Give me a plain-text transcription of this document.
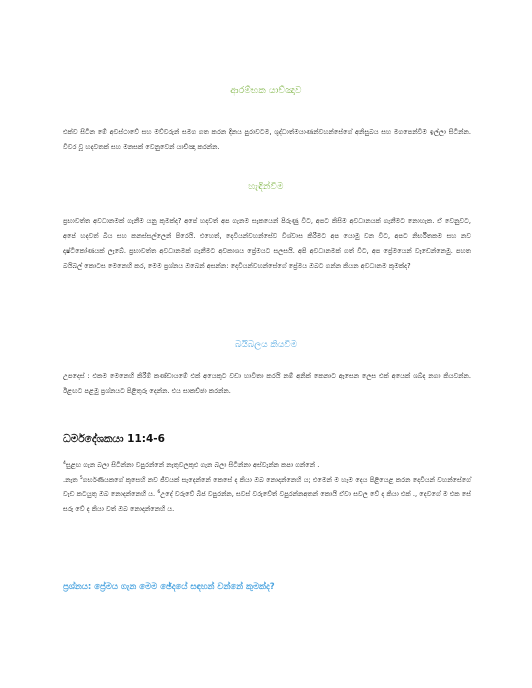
ආරම්භක යාච්ඤාව

එක්ව සිටින මේ අවස්ථාවේ සහ මව්වරුන් සමග ගත කරන දිනය පුරාවටම, ශුද්ධාත්මයාණන්වහන්සේගේ අනිසුබය සහ මගපෙන්වීම ඉල්ලා සිටින්න. විවර වූ හදවතක් සහ මනසක් වෙනුවෙන් යාච්ඤා කරන්න.

හැඳින්වීම

ප්‍රභාවත්ත අවධානමක් ගැනීම යනු කුමක්ද? අපේ හදවත් අප ගැනම සැකයෙන් පිරුණු විට, අපට කිසිම අවධානයක් ගැනීමට නොහැක. ඒ වෙනුවට, අපේ හදවත් බිය සහ කනස්සල්ලෙන් පිරෙයි. එහෙත්, දෙවියන්වහන්සේව විශ්වාස කිරීමට අප යොමු වන විට, අපට නිර්භීතකම සහ නව දෘෂ්ටිකෝණයක් ලැබේ. ප්‍රභාවත්ත අවධානමක් ගැනීමට අවකාශය ප්‍රේමයට සලසයි. අපි අවධානමක් ගත් විට, අප ප්‍රේමයෙන් වැඩෙන්නෙමු. පහත බයිබල් කොටස මෙනෙහි කර, මෙම ප්‍රශ්නය ඔබෙන් අසන්න: දෙවියන්වහන්සේගේ ප්‍රේමය ඔබට ගන්න කියන අවධානම කුමක්ද?

බයිබලය කියවීම

උපදෙස් : එකම මෙනෙහි කිරීම් කණ්ඩායමේ එක් අයෙකුට වඩා හාවිතා කරයි නම් අනික් කෙනාට ඇසෙන ලෙස එක් අයෙක් ශබ්ද නගා කියවන්න. ඊළඟට පළමු ප්‍රශ්නයට පිළිතුරු දෙන්න. එය සාකච්ඡා කරන්න.

ධර්මදේශකයා 11:4-6

$^4$සුළඟ ගැන බලා සිටින්නා වපුරන්නේ නැතුවලකුළු ගැන බලා සිටින්නා අස්වැන්න කපා ගන්නේ .
.නැත $^5$ගර්භණියකගේ කුසෙහි නව ජීවයක් සැදෙන්නේ කෙසේ ද කියා ඔබ නොදන්නෙහි ය; එමෙන් ම හැම දෙය පිළියෙළ කරන දෙවියන් වහන්සේගේ වැඩ කටයුතු ඔබ නොදන්නෙහි ය. $^6$උදේ වරුවේ බීජ වපුරන්න, සවස් වරුවේත් වපුරන්නඅතන් කොයි ඒවා සවල වේ ද කියා එක් ., දෙවගේ ම එක සේ සරු වේ ද කියා වත් ඔබ නොදන්නෙහි ය.

ප්‍රශ්නය: ප්‍රේමය ගැන මෙම ඡේදයේ සඳහන් වන්නේ කුමක්ද?
